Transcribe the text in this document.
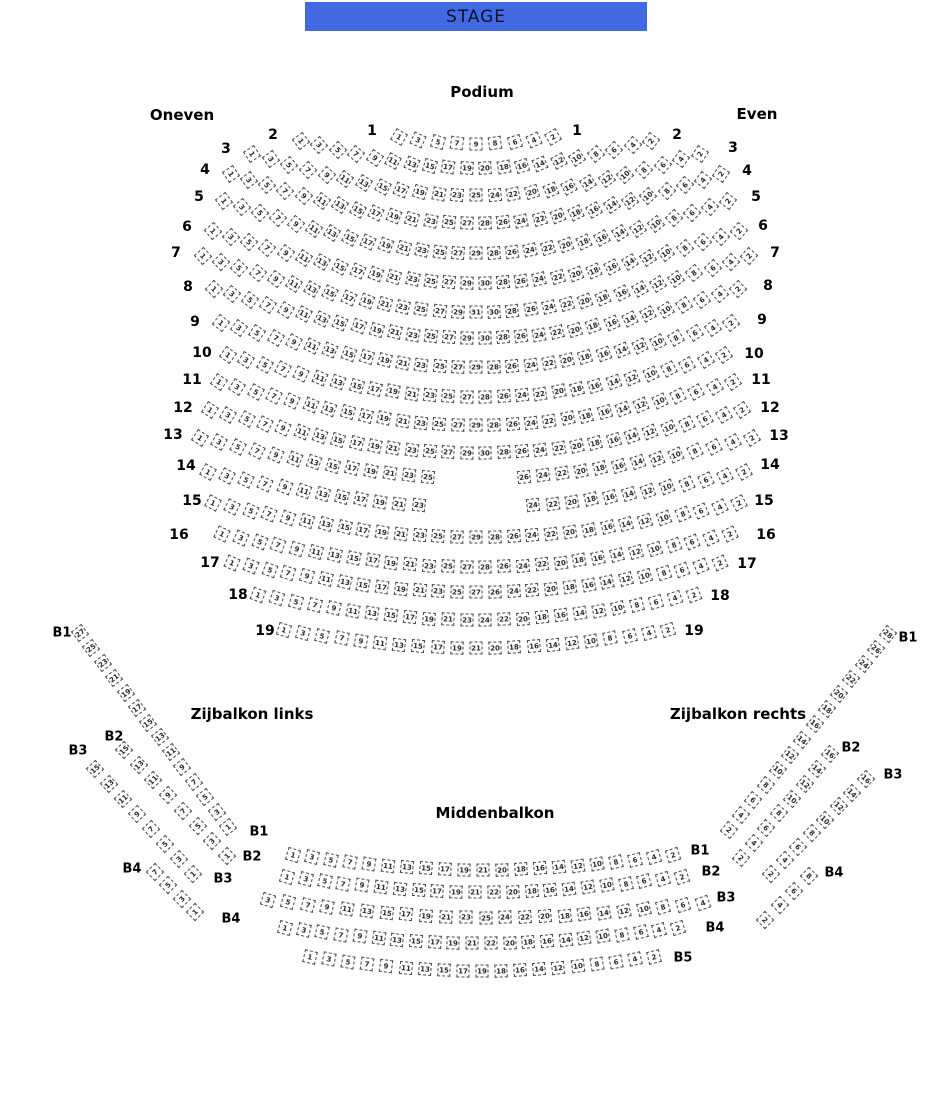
STAGE
Podium
Oneven	Even
Zijbalkon links	Zijbalkon rechts
Middenbalkon
1	3	5	7	9	8	6	4	2
1	3	5	7	9	11 13 15	17 19 20 18	16 14 12 10	8	6	4	2
1
3
5
7
9	11 13 15 17 19	21 23 25 24 22	20 18 16 14 12 10	8
6
4
2
1
3
5
7
9	11 13 15 17 19 21 23	25 27 28 26	24 22 20 18 16 14 12 10	8
6
4
2
1
3
5
7
9	11 13 15 17 19 21 23 25 27 29 28 26 24 22 20 18 16 14 12 10	8
6
4
2
1
3
5
7
9	11 13 15 17 19 21 23 25 27 29 30 28 26 24 22 20 18 16 14 12 10	8
6
4
2
1
3
5
7
9	11 13 15 17 19 21 23	25 27 29 31 30 28 26	24 22 20 18 16 14 12 10	8
6
4
2
1
3
5
7
9	11 13 15 17 19 21 23 25 27 29 30 28 26 24 22 20 18 16 14 12 10	8
6
4
2
1
3
5
7	9	11 13 15 17 19 21 23 25 27 29 28 26 24 22 20 18 16 14 12 10	8
6
4
2
1
3
5
7	9	11 13 15 17	19	21 23 25 27 28 26 24 22	20	18 16 14 12 10	8
6
4
2
1
3
5	7	9	11 13 15 17 19	21 23 25 27 29 28 26 24 22	20 18 16 14 12 10	8	6
4
2
1	3	5	7	9	11 13 15 17 19	21 23 25 27 29 30 28 26 24 22	20 18 16 14 12 10	8	6	4	2
1	3	5	7	9	11	13	15	17	19	21 23 25	26 24 22	20	18	16	14	12 10	8	6	4	2
1	3	5	7	9	11	13	15	17	19 21 23	24 22 20	18	16	14	12	10	8	6	4	2
1	3	5	7	9	11	13	15	17	19 21 23 25 27 29 28 26 24 22 20	18	16	14	12 10	8	6	4	2
1	3	5	7	9	11	13	15	17 19 21 23 25 27 28 26 24 22 20 18	16	14	12	10	8	6	4	2
1	3	5	7	9	11	13	15 17 19 21 23 25 27 26 24 22 20 18 16	14	12	10	8	6	4	2
1	3	5	7	9	11 13 15 17 19 21 23 24 22 20 18 16 14 12	10	8	6	4	2
1	3	5	7	9	11 13 15 17 19 21 20 18 16 14 12 10	8	6	4	2
1	3	5	7	9	11 13 15 17 19 21 20 18 16 14 12 10	8	6	4	2
1	3	5	7	9	11 13 15 17 19 21 22 20 18 16 14 12 10	8	6	4	2
3	5	7	9	11 13 15 17 19 21 23 25 24 22 20 18 16 14	12	10	8	6	4
1	3	5	7	9	11 13 15 17 19 21 22 20 18 16 14 12 10	8	6	4	2
1	3	5	7	9	11 13 15 17 19 18 16 14 12 10	8	6	4	2
27
25
23
21
19
17
15
13
11
9
7
5
3
1
15
13
11
9
7
5
3
1
15
13
11
9
7
5
3
1
7
5
3
1
28
26
24
22
20
18
16
14
12
10
8
6
4
2
16
14
12
10
8
6
4
2
16
14
12
10
8
6
4
2	8
6
4
2
1	1
2	2
3	3
4	4
5	5
6	6
7	7
8	8
9	9
10	10
11	11
12	12
13	13
14	14
15	15
16	16
17	17
18	18
19	19
B1
B2
B3
B4
B5
B1
B1
B2
B2
B3
B3
B4
B4
B1
B2
B3
B4
